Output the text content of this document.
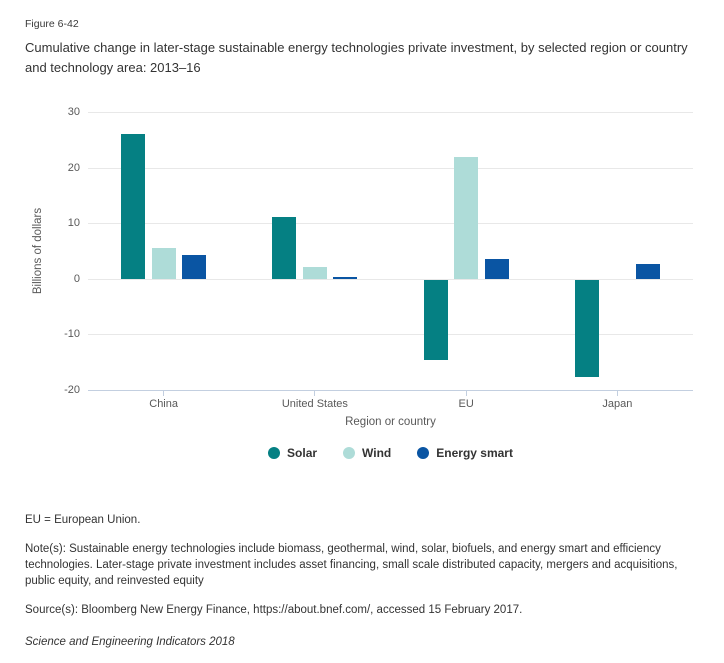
Figure 6-42
Cumulative change in later-stage sustainable energy technologies private investment, by selected region or country and technology area: 2013–16
Billions of dollars
30
20
10
0
-10
-20
China	United States	EU	Japan
Region or country
Solar	Wind	Energy smart

EU = European Union.

Note(s): Sustainable energy technologies include biomass, geothermal, wind, solar, biofuels, and energy smart and efficiency technologies. Later-stage private investment includes asset financing, small scale distributed capacity, mergers and acquisitions, public equity, and reinvested equity

Source(s): Bloomberg New Energy Finance, https://about.bnef.com/, accessed 15 February 2017.

Science and Engineering Indicators 2018
